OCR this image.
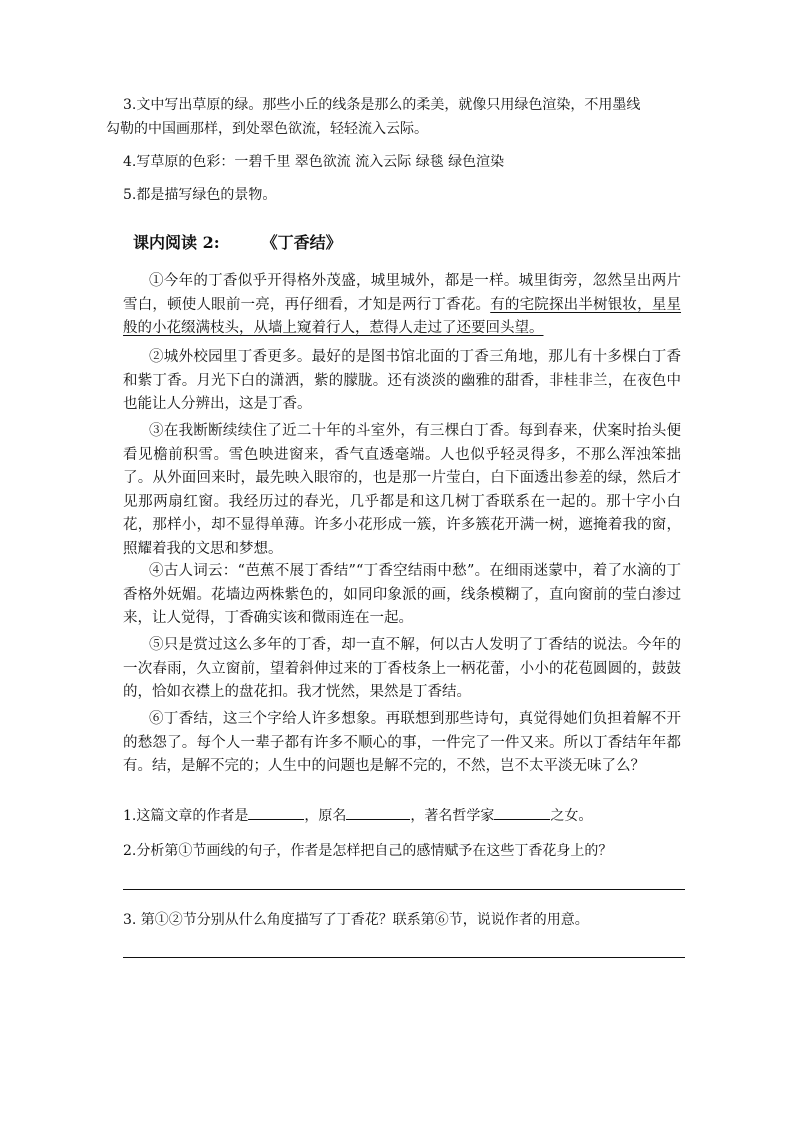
3.文中写出草原的绿。那些小丘的线条是那么的柔美，就像只用绿色渲染，不用墨线
勾勒的中国画那样，到处翠色欲流，轻轻流入云际。
4.写草原的色彩：一碧千里 翠色欲流 流入云际 绿毯 绿色渲染
5.都是描写绿色的景物。
课内阅读 2:	《丁香结》
①今年的丁香似乎开得格外茂盛，城里城外，都是一样。城里街旁，忽然呈出两片雪白，顿使人眼前一亮，再仔细看，才知是两行丁香花。有的宅院探出半树银妆，星星般的小花缀满枝头，从墙上窥着行人，惹得人走过了还要回头望。
②城外校园里丁香更多。最好的是图书馆北面的丁香三角地，那儿有十多棵白丁香和紫丁香。月光下白的潇洒，紫的朦胧。还有淡淡的幽雅的甜香，非桂非兰，在夜色中也能让人分辨出，这是丁香。
③在我断断续续住了近二十年的斗室外，有三棵白丁香。每到春来，伏案时抬头便看见檐前积雪。雪色映进窗来，香气直透毫端。人也似乎轻灵得多，不那么浑浊笨拙了。从外面回来时，最先映入眼帘的，也是那一片莹白，白下面透出参差的绿，然后才见那两扇红窗。我经历过的春光，几乎都是和这几树丁香联系在一起的。那十字小白花，那样小，却不显得单薄。许多小花形成一簇，许多簇花开满一树，遮掩着我的窗，照耀着我的文思和梦想。
④古人词云：“芭蕉不展丁香结”“丁香空结雨中愁”。在细雨迷蒙中，着了水滴的丁香格外妩媚。花墙边两株紫色的，如同印象派的画，线条模糊了，直向窗前的莹白渗过来，让人觉得，丁香确实该和微雨连在一起。
⑤只是赏过这么多年的丁香，却一直不解，何以古人发明了丁香结的说法。今年的一次春雨，久立窗前，望着斜伸过来的丁香枝条上一柄花蕾，小小的花苞圆圆的，鼓鼓的，恰如衣襟上的盘花扣。我才恍然，果然是丁香结。
⑥丁香结，这三个字给人许多想象。再联想到那些诗句，真觉得她们负担着解不开的愁怨了。每个人一辈子都有许多不顺心的事，一件完了一件又来。所以丁香结年年都有。结，是解不完的；人生中的问题也是解不完的，不然，岂不太平淡无味了么？
1.这篇文章的作者是	，原名	，著名哲学家	之女。
2.分析第①节画线的句子，作者是怎样把自己的感情赋予在这些丁香花身上的？
3. 第①②节分别从什么角度描写了丁香花？联系第⑥节，说说作者的用意。
